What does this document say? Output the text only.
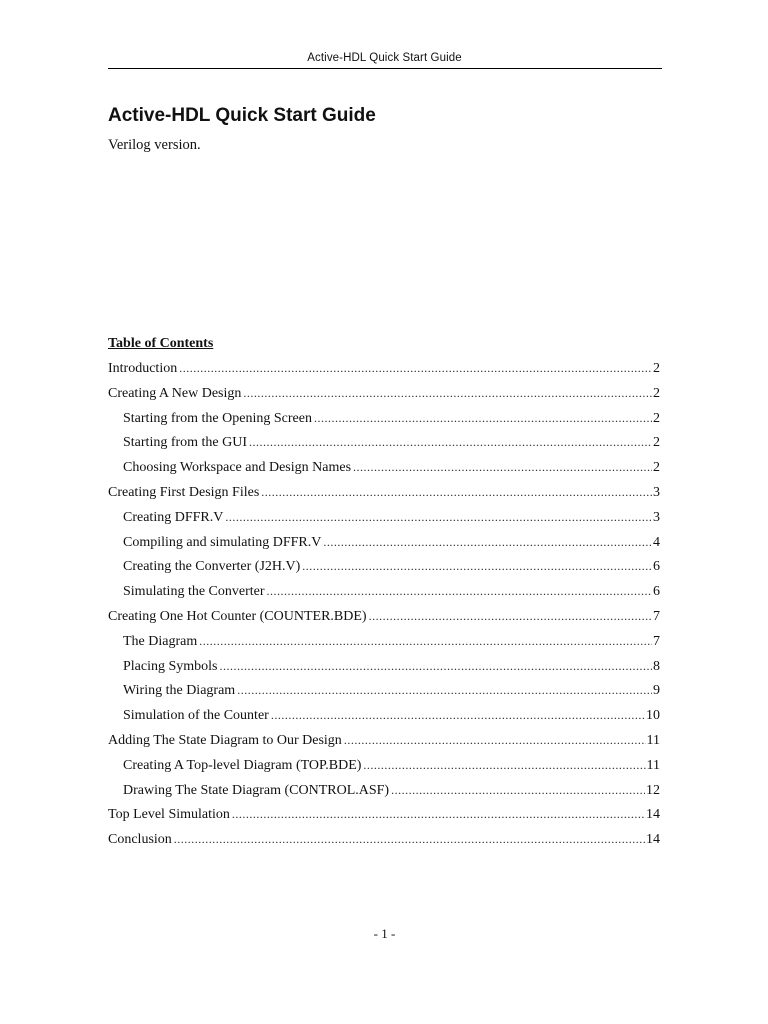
Active-HDL Quick Start Guide
Active-HDL Quick Start Guide

Verilog version.

Table of Contents
Introduction .....	2
Creating A New Design .....	2
Starting from the Opening Screen .....	2
Starting from the GUI .....	2
Choosing Workspace and Design Names .....	2
Creating First Design Files .....	3
Creating DFFR.V .....	3
Compiling and simulating DFFR.V .....	4
Creating the Converter (J2H.V) .....	6
Simulating the Converter .....	6
Creating One Hot Counter (COUNTER.BDE) .....	7
The Diagram .....	7
Placing Symbols .....	8
Wiring the Diagram .....	9
Simulation of the Counter .....	10
Adding The State Diagram to Our Design .....	11
Creating A Top-level Diagram (TOP.BDE) .....	11
Drawing The State Diagram (CONTROL.ASF) .....	12
Top Level Simulation .....	14
Conclusion .....	14
- 1 -
